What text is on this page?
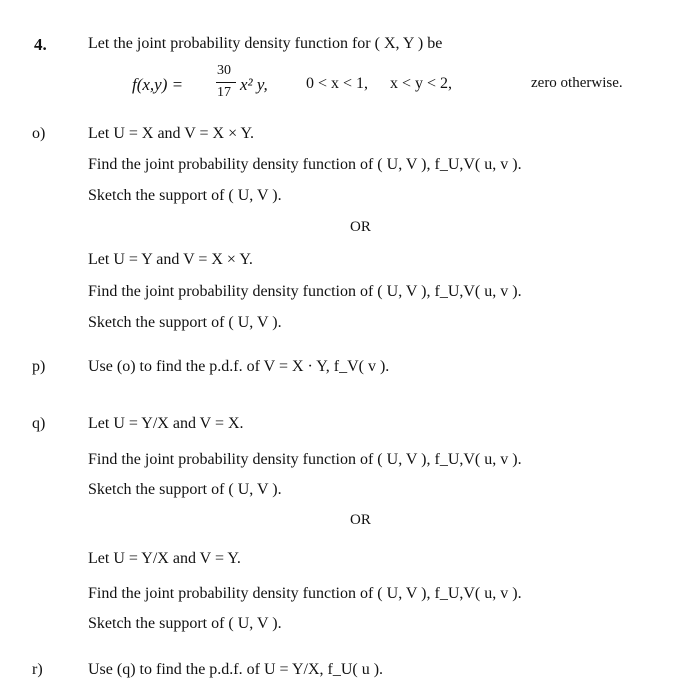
4.	Let the joint probability density function for ( X, Y ) be
f(x,y) =
30
17 x² y, 0 < x < 1, x < y < 2,	zero otherwise.
o)	Let U = X and V = X × Y.
Find the joint probability density function of ( U, V ), f_U,V( u, v ).
Sketch the support of ( U, V ).
OR
Let U = Y and V = X × Y.
Find the joint probability density function of ( U, V ), f_U,V( u, v ).
Sketch the support of ( U, V ).
p)	Use (o) to find the p.d.f. of V = X · Y, f_V( v ).
q)	Let U = Y/X and V = X.
Find the joint probability density function of ( U, V ), f_U,V( u, v ).
Sketch the support of ( U, V ).
OR
Let U = Y/X and V = Y.
Find the joint probability density function of ( U, V ), f_U,V( u, v ).
Sketch the support of ( U, V ).
r)	Use (q) to find the p.d.f. of U = Y/X, f_U( u ).
